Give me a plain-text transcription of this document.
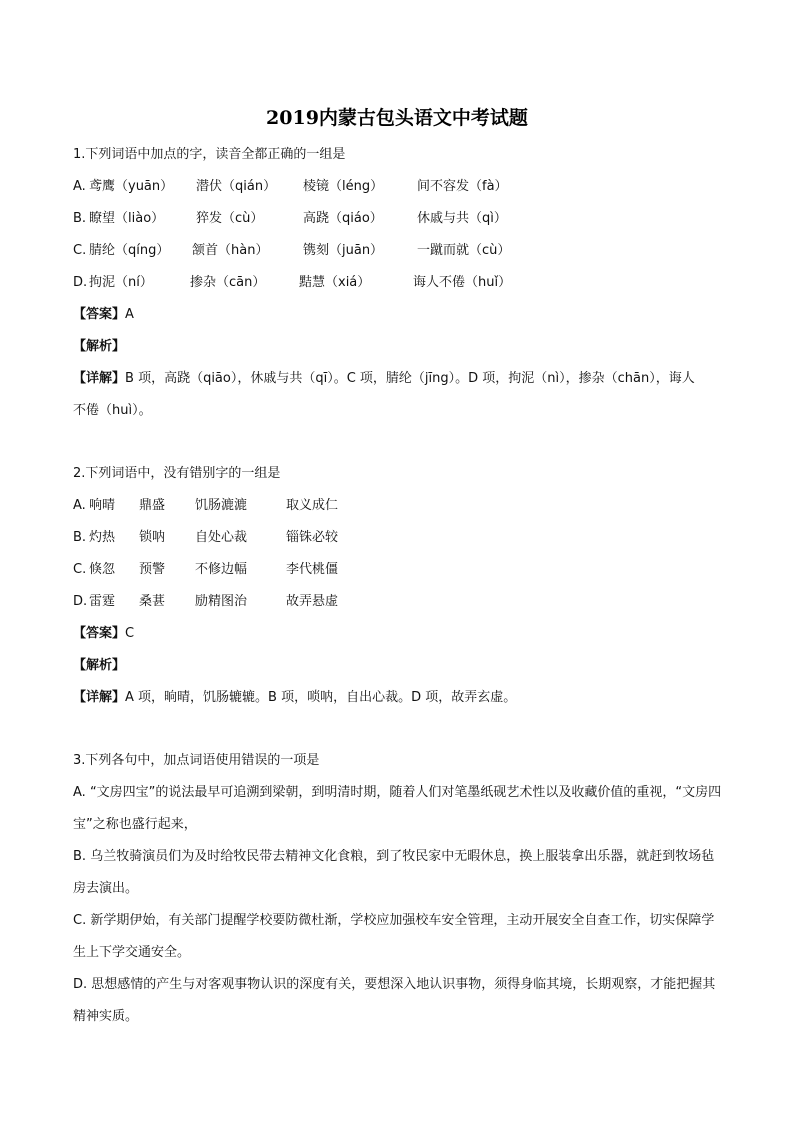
2019内蒙古包头语文中考试题
1.下列词语中加点的字，读音全都正确的一组是
A. 鸢鹰（yuān） 潜伏（qián） 棱镜（léng）	间不容发（fà）
B. 瞭望（liào） 猝发（cù）	高跷（qiáo）	休戚与共（qì）
C. 腈纶（qíng） 颔首（hàn）	镌刻（juān）	一蹴而就（cù）
D. 拘泥（ní）	掺杂（cān）	黠慧（xiá）	诲人不倦（huǐ）
【答案】A
【解析】
【详解】B 项，高跷（qiāo），休戚与共（qī）。C 项，腈纶（jīng）。D 项，拘泥（nì），掺杂（chān），诲人
不倦（huì）。
2.下列词语中，没有错别字的一组是
A. 响晴 鼎盛 饥肠漉漉	取义成仁
B. 灼热 锁呐 自处心裁	锱铢必较
C. 倏忽 预警 不修边幅	李代桃僵
D. 雷霆 桑葚 励精图治	故弄悬虚
【答案】C
【解析】
【详解】A 项，晌晴，饥肠辘辘。B 项，唢呐，自出心裁。D 项，故弄玄虚。
3.下列各句中，加点词语使用错误的一项是
A. “文房四宝”的说法最早可追溯到梁朝，到明清时期，随着人们对笔墨纸砚艺术性以及收藏价值的重视，“文房四宝”之称也盛行起来，
B. 乌兰牧骑演员们为及时给牧民带去精神文化食粮，到了牧民家中无暇休息，换上服装拿出乐器，就赶到牧场毡房去演出。
C. 新学期伊始，有关部门提醒学校要防微杜渐，学校应加强校车安全管理，主动开展安全自查工作，切实保障学生上下学交通安全。
D. 思想感情的产生与对客观事物认识的深度有关，要想深入地认识事物，须得身临其境，长期观察，才能把握其精神实质。
